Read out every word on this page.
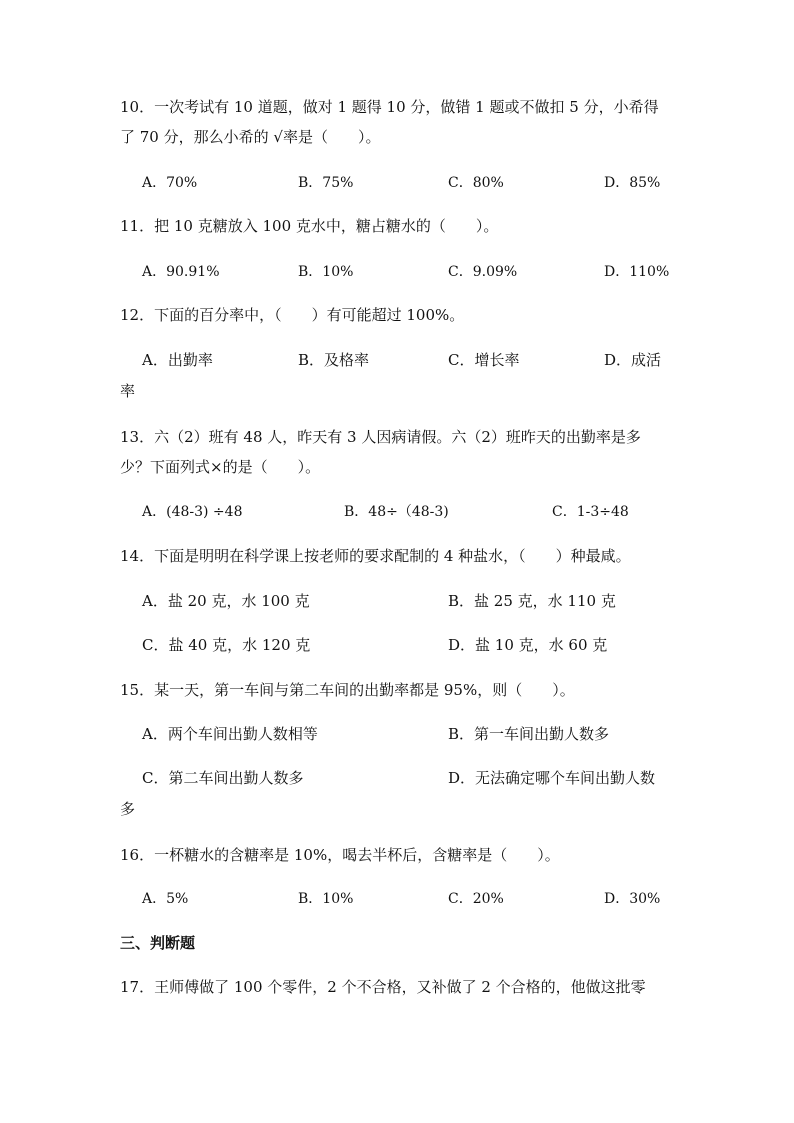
10．一次考试有 10 道题，做对 1 题得 10 分，做错 1 题或不做扣 5 分，小希得
了 70 分，那么小希的 √率是（　　）。
A．70%	B．75%	C．80%	D．85%
11．把 10 克糖放入 100 克水中，糖占糖水的（　　）。
A．90.91%	B．10%	C．9.09%	D．110%
12．下面的百分率中，（　　）有可能超过 100%。
A．出勤率	B．及格率	C．增长率	D．成活
率
13．六（2）班有 48 人，昨天有 3 人因病请假。六（2）班昨天的出勤率是多
少？下面列式×的是（　　）。
A．(48-3) ÷48	B．48÷（48-3)	C．1-3÷48
14．下面是明明在科学课上按老师的要求配制的 4 种盐水，（　　）种最咸。
A．盐 20 克，水 100 克	B．盐 25 克，水 110 克
C．盐 40 克，水 120 克	D．盐 10 克，水 60 克
15．某一天，第一车间与第二车间的出勤率都是 95%，则（　　）。
A．两个车间出勤人数相等	B．第一车间出勤人数多
C．第二车间出勤人数多	D．无法确定哪个车间出勤人数
多
16．一杯糖水的含糖率是 10%，喝去半杯后，含糖率是（　　）。
A．5%	B．10%	C．20%	D．30%
三、判断题
17．王师傅做了 100 个零件，2 个不合格，又补做了 2 个合格的，他做这批零
